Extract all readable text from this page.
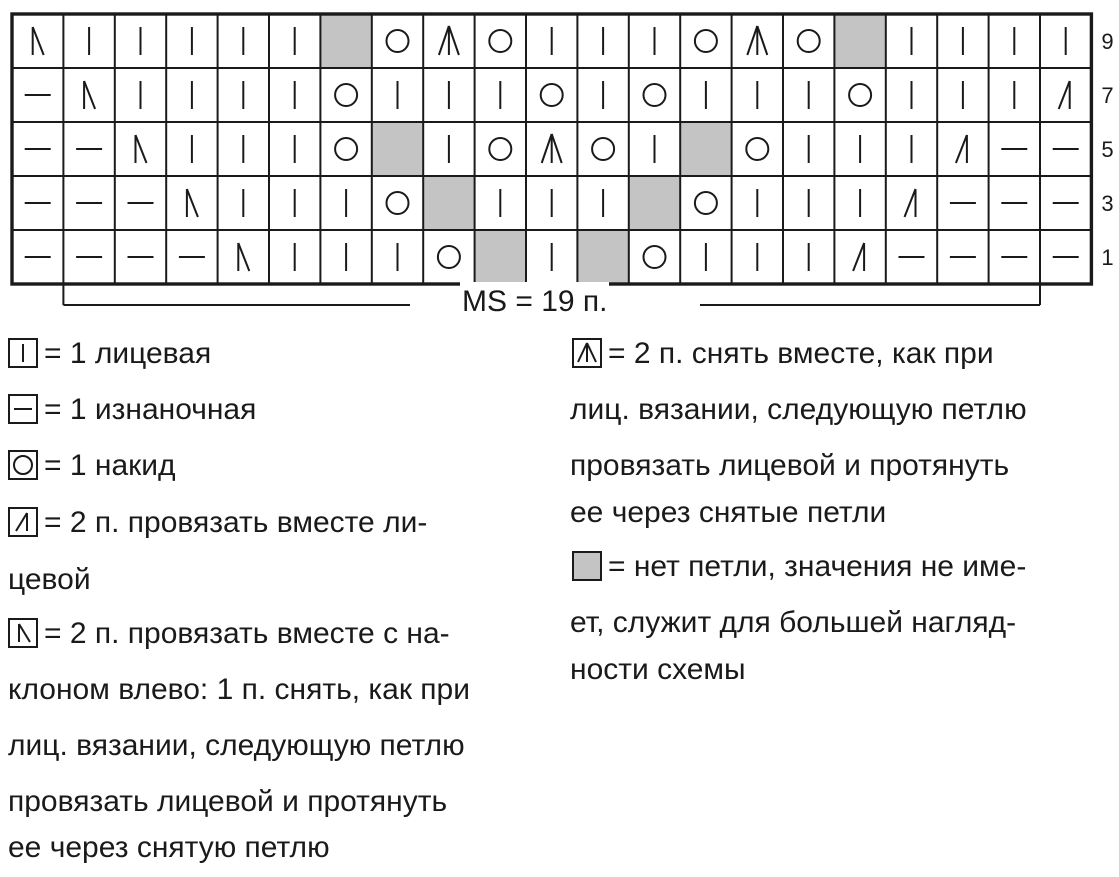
9
7
5
3
1
MS = 19 п.
= 1 лицевая
= 1 изнаночная
= 1 накид
= 2 п. провязать вместе ли-
цевой
= 2 п. провязать вместе с на-
клоном влево: 1 п. снять, как при
лиц. вязании, следующую петлю
провязать лицевой и протянуть
ее через снятую петлю
= 2 п. снять вместе, как при
лиц. вязании, следующую петлю
провязать лицевой и протянуть
ее через снятые петли
= нет петли, значения не име-
ет, служит для большей нагляд-
ности схемы
